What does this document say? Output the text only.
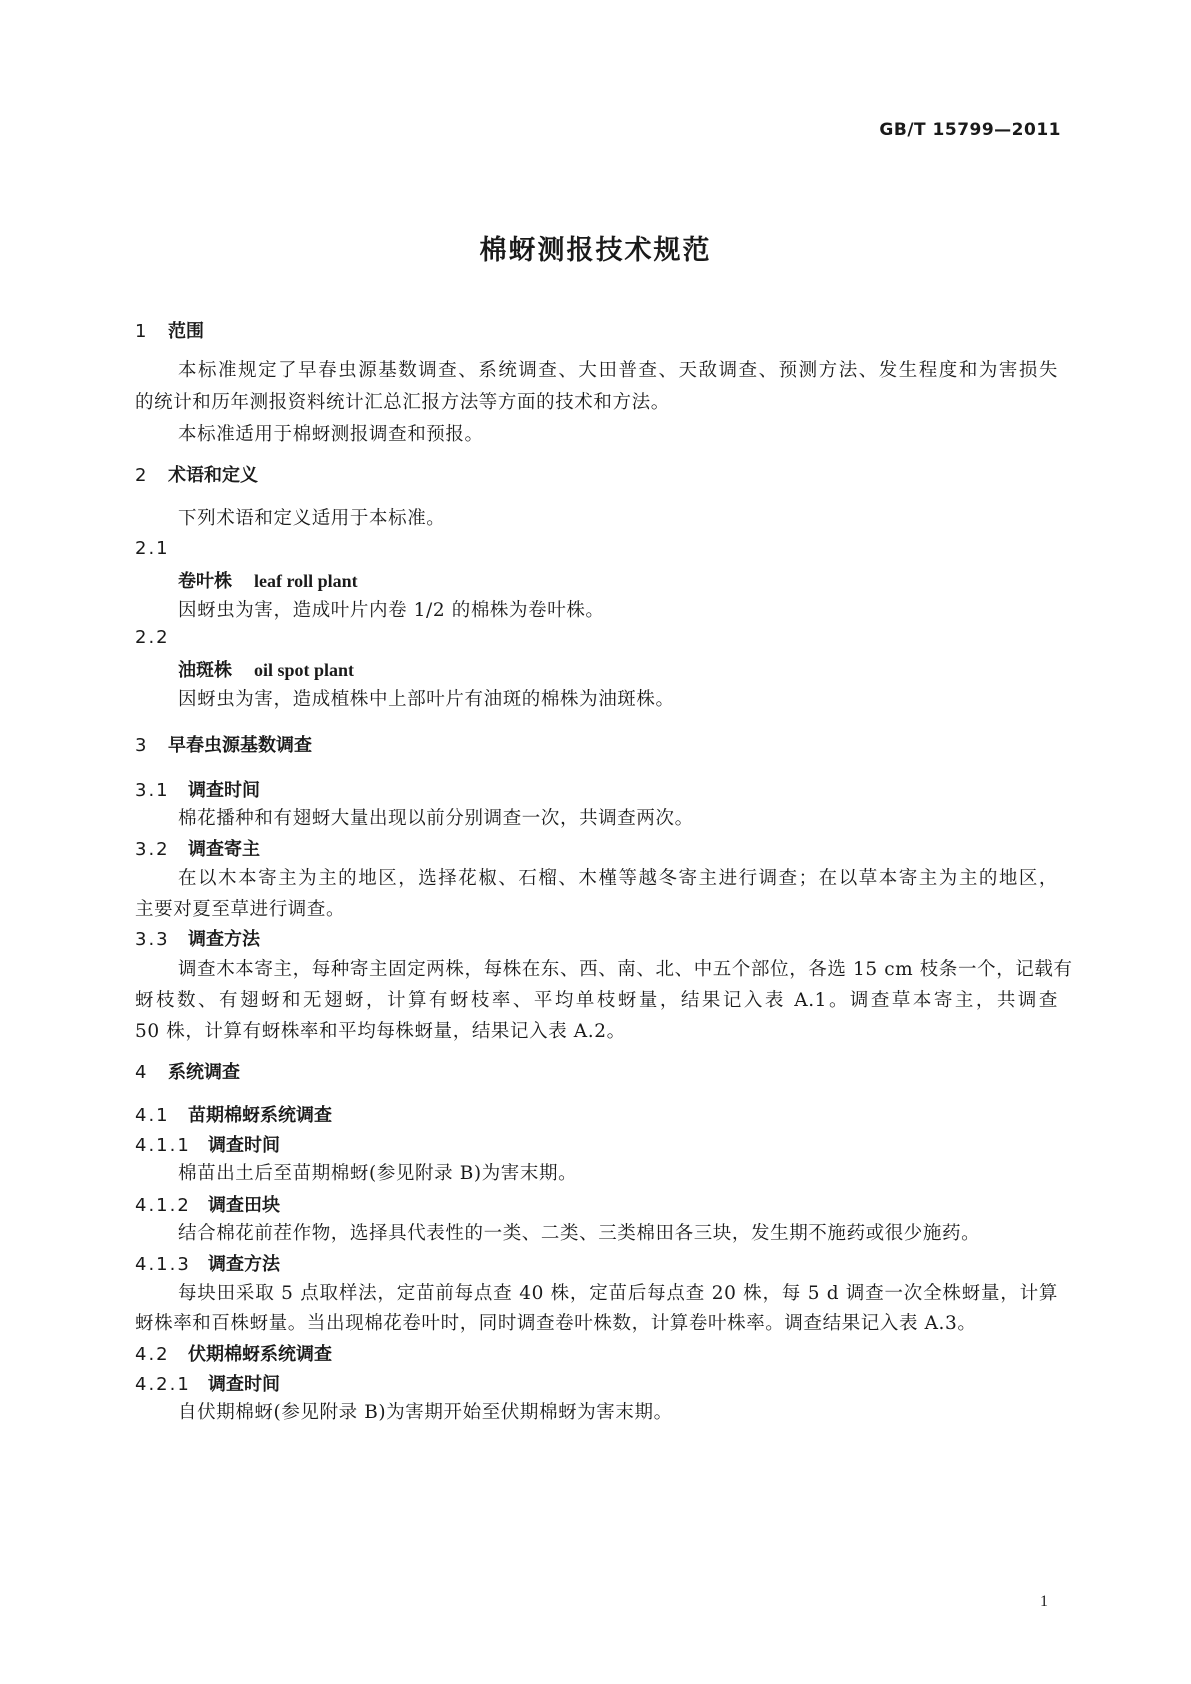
GB/T 15799—2011
棉蚜测报技术规范
1 范围
本标准规定了早春虫源基数调查、系统调查、大田普查、天敌调查、预测方法、发生程度和为害损失
的统计和历年测报资料统计汇总汇报方法等方面的技术和方法。
本标准适用于棉蚜测报调查和预报。
2 术语和定义
下列术语和定义适用于本标准。
2.1
卷叶株 leaf roll plant
因蚜虫为害，造成叶片内卷 1/2 的棉株为卷叶株。
2.2
油斑株 oil spot plant
因蚜虫为害，造成植株中上部叶片有油斑的棉株为油斑株。
3 早春虫源基数调查
3.1 调查时间
棉花播种和有翅蚜大量出现以前分别调查一次，共调查两次。
3.2 调查寄主
在以木本寄主为主的地区，选择花椒、石榴、木槿等越冬寄主进行调查；在以草本寄主为主的地区，
主要对夏至草进行调查。
3.3 调查方法
调查木本寄主，每种寄主固定两株，每株在东、西、南、北、中五个部位，各选 15 cm 枝条一个，记载有
蚜枝数、有翅蚜和无翅蚜，计算有蚜枝率、平均单枝蚜量，结果记入表 A.1。调查草本寄主，共调查
50 株，计算有蚜株率和平均每株蚜量，结果记入表 A.2。
4 系统调查
4.1 苗期棉蚜系统调查
4.1.1 调查时间
棉苗出土后至苗期棉蚜(参见附录 B)为害末期。
4.1.2 调查田块
结合棉花前茬作物，选择具代表性的一类、二类、三类棉田各三块，发生期不施药或很少施药。
4.1.3 调查方法
每块田采取 5 点取样法，定苗前每点查 40 株，定苗后每点查 20 株，每 5 d 调查一次全株蚜量，计算
蚜株率和百株蚜量。当出现棉花卷叶时，同时调查卷叶株数，计算卷叶株率。调查结果记入表 A.3。
4.2 伏期棉蚜系统调查
4.2.1 调查时间
自伏期棉蚜(参见附录 B)为害期开始至伏期棉蚜为害末期。
1
